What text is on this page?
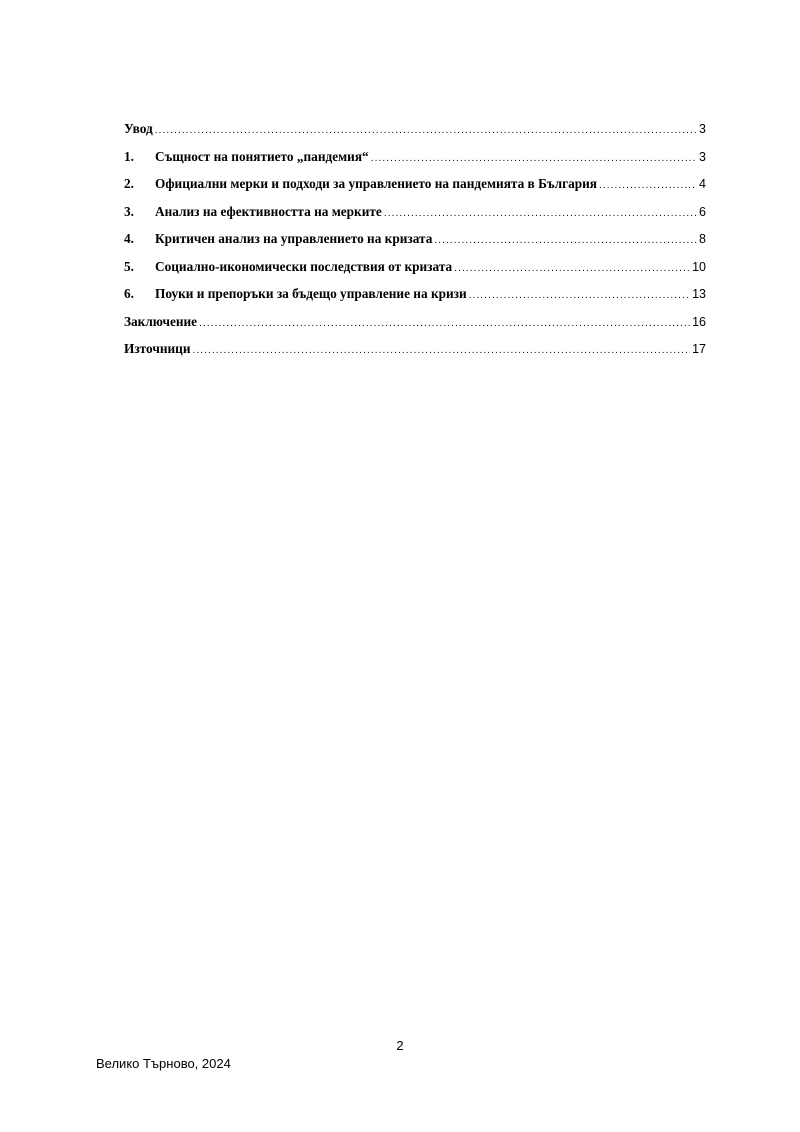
Увод .....	3
1.	Същност на понятието „пандемия“ .....	3
2.	Официални мерки и подходи за управлението на пандемията в България .....	4
3.	Анализ на ефективността на мерките .....	6
4.	Критичен анализ на управлението на кризата .....	8
5.	Социално-икономически последствия от кризата .....	10
6.	Поуки и препоръки за бъдещо управление на кризи .....	13
Заключение .....	16
Източници .....	17
2
Велико Търново, 2024
